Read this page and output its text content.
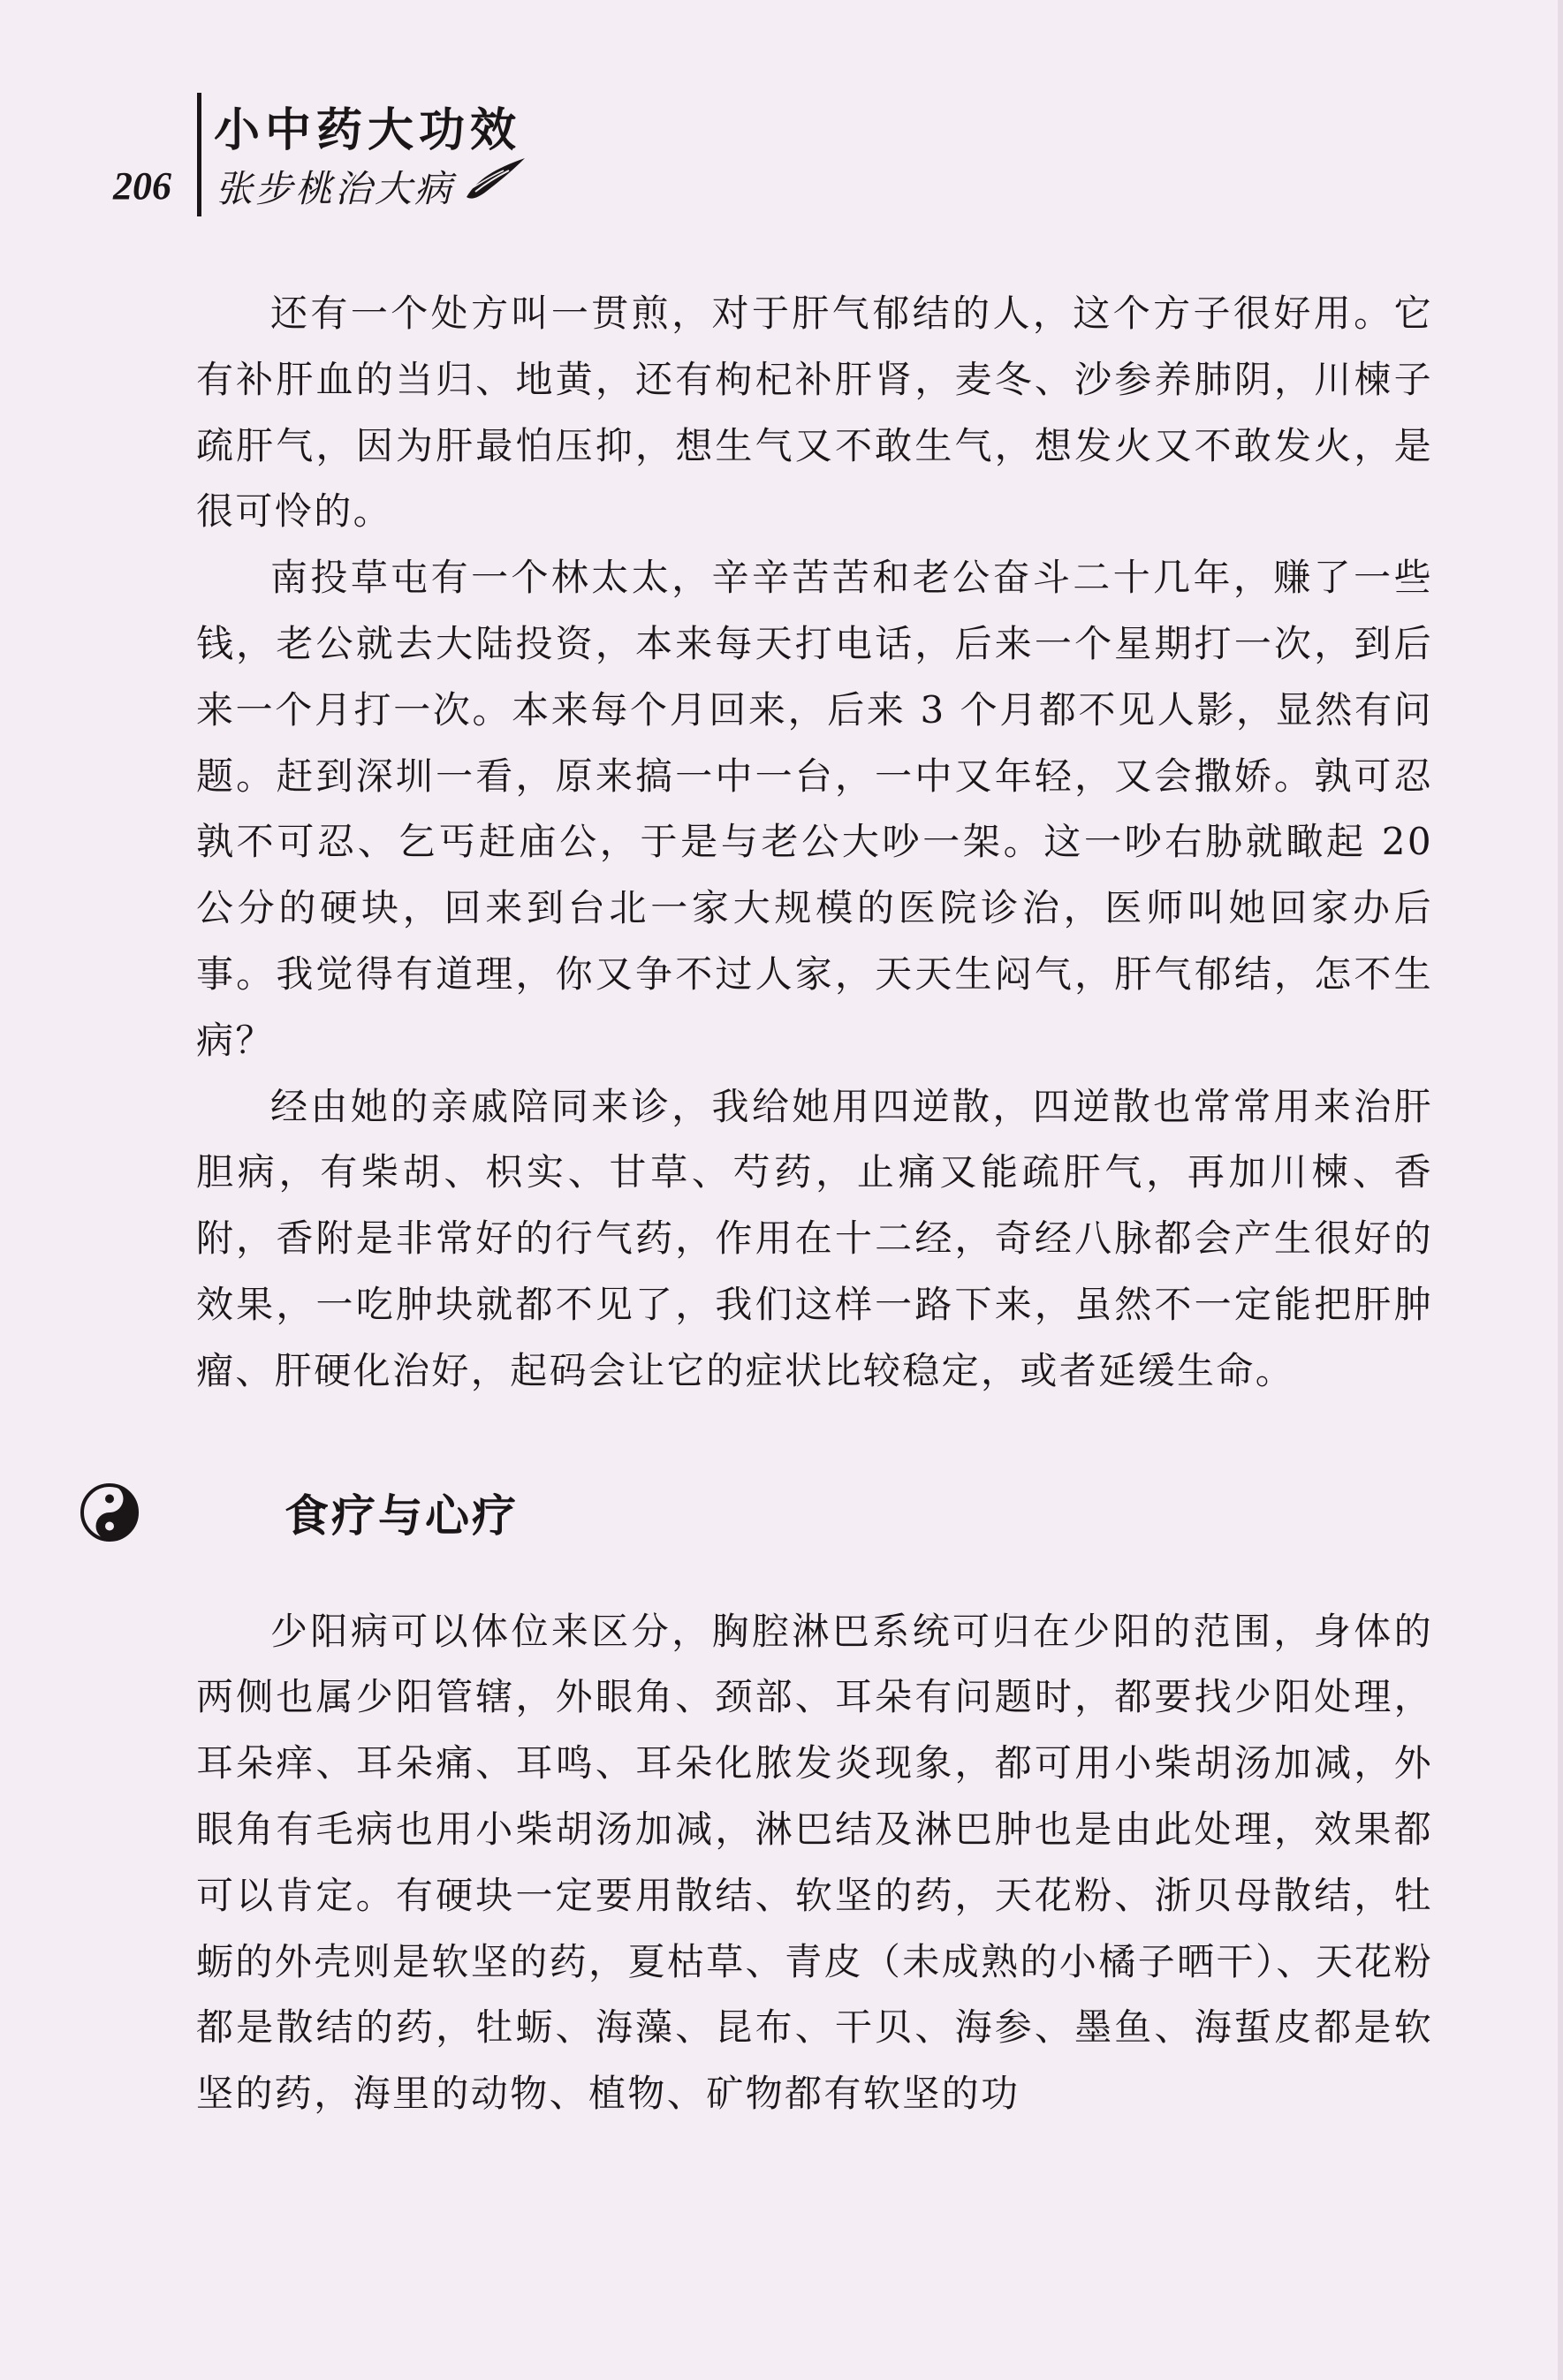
206
小中药大功效
张步桃治大病

还有一个处方叫一贯煎，对于肝气郁结的人，这个方子很好用。它有补肝血的当归、地黄，还有枸杞补肝肾，麦冬、沙参养肺阴，川楝子疏肝气，因为肝最怕压抑，想生气又不敢生气，想发火又不敢发火，是很可怜的。

南投草屯有一个林太太，辛辛苦苦和老公奋斗二十几年，赚了一些钱，老公就去大陆投资，本来每天打电话，后来一个星期打一次，到后来一个月打一次。本来每个月回来，后来 3 个月都不见人影，显然有问题。赶到深圳一看，原来搞一中一台，一中又年轻，又会撒娇。孰可忍孰不可忍、乞丐赶庙公，于是与老公大吵一架。这一吵右胁就瞰起 20 公分的硬块，回来到台北一家大规模的医院诊治，医师叫她回家办后事。我觉得有道理，你又争不过人家，天天生闷气，肝气郁结，怎不生病？

经由她的亲戚陪同来诊，我给她用四逆散，四逆散也常常用来治肝胆病，有柴胡、枳实、甘草、芍药，止痛又能疏肝气，再加川楝、香附，香附是非常好的行气药，作用在十二经，奇经八脉都会产生很好的效果，一吃肿块就都不见了，我们这样一路下来，虽然不一定能把肝肿瘤、肝硬化治好，起码会让它的症状比较稳定，或者延缓生命。

食疗与心疗

少阳病可以体位来区分，胸腔淋巴系统可归在少阳的范围，身体的两侧也属少阳管辖，外眼角、颈部、耳朵有问题时，都要找少阳处理，耳朵痒、耳朵痛、耳鸣、耳朵化脓发炎现象，都可用小柴胡汤加减，外眼角有毛病也用小柴胡汤加减，淋巴结及淋巴肿也是由此处理，效果都可以肯定。有硬块一定要用散结、软坚的药，天花粉、浙贝母散结，牡蛎的外壳则是软坚的药，夏枯草、青皮（未成熟的小橘子晒干）、天花粉都是散结的药，牡蛎、海藻、昆布、干贝、海参、墨鱼、海蜇皮都是软坚的药，海里的动物、植物、矿物都有软坚的功
